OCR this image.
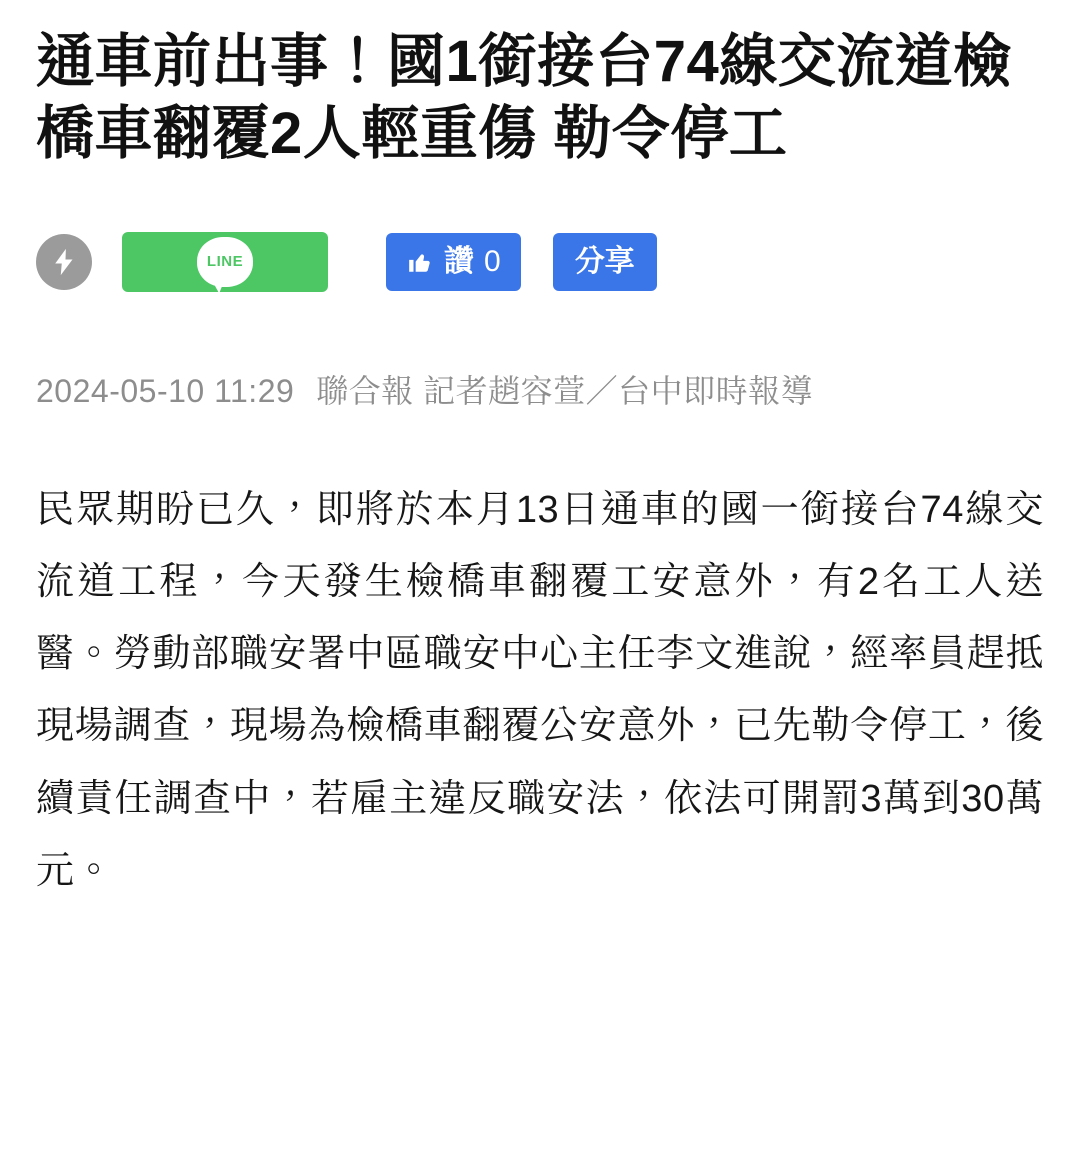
通車前出事！國1銜接台74線交流道檢橋車翻覆2人輕重傷 勒令停工
LINE	讚 0 分享
2024-05-10 11:29 聯合報 記者趙容萱／台中即時報導

民眾期盼已久，即將於本月13日通車的國一銜接台74線交流道工程，今天發生檢橋車翻覆工安意外，有2名工人送醫。勞動部職安署中區職安中心主任李文進說，經率員趕抵現場調查，現場為檢橋車翻覆公安意外，已先勒令停工，後續責任調查中，若雇主違反職安法，依法可開罰3萬到30萬元。
